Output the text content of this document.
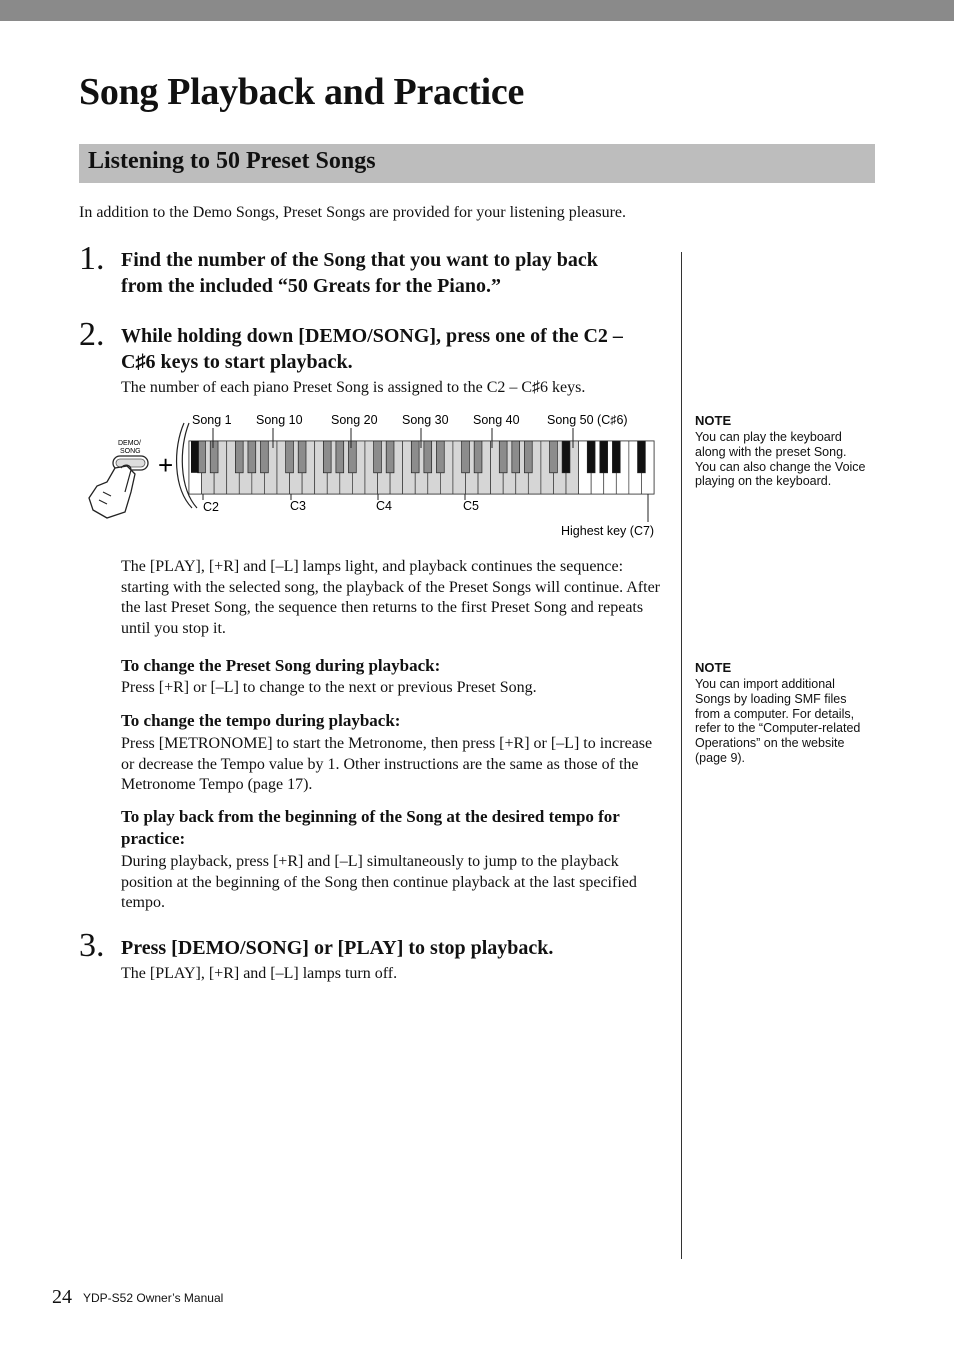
Song Playback and Practice
Listening to 50 Preset Songs
In addition to the Demo Songs, Preset Songs are provided for your listening pleasure.
1. Find the number of the Song that you want to play back
from the included “50 Greats for the Piano.”
2. While holding down [DEMO/SONG], press one of the C2 –
C♯6 keys to start playback.
The number of each piano Preset Song is assigned to the C2 – C♯6 keys.
DEMO/
SONG +
Song 1 Song 10 Song 20 Song 30 Song 40 Song 50 (C♯6)
C2	C3	C4	C5
Highest key (C7)
The [PLAY], [+R] and [–L] lamps light, and playback continues the sequence:
starting with the selected song, the playback of the Preset Songs will continue. After
the last Preset Song, the sequence then returns to the first Preset Song and repeats
until you stop it.
To change the Preset Song during playback:
Press [+R] or [–L] to change to the next or previous Preset Song.
To change the tempo during playback:
Press [METRONOME] to start the Metronome, then press [+R] or [–L] to increase
or decrease the Tempo value by 1. Other instructions are the same as those of the
Metronome Tempo (page 17).
To play back from the beginning of the Song at the desired tempo for
practice:
During playback, press [+R] and [–L] simultaneously to jump to the playback
position at the beginning of the Song then continue playback at the last specified
tempo.
3. Press [DEMO/SONG] or [PLAY] to stop playback.
The [PLAY], [+R] and [–L] lamps turn off.
NOTE
You can play the keyboard
along with the preset Song.
You can also change the Voice
playing on the keyboard.
NOTE
You can import additional
Songs by loading SMF files
from a computer. For details,
refer to the “Computer-related
Operations” on the website
(page 9).
24 YDP-S52 Owner’s Manual
